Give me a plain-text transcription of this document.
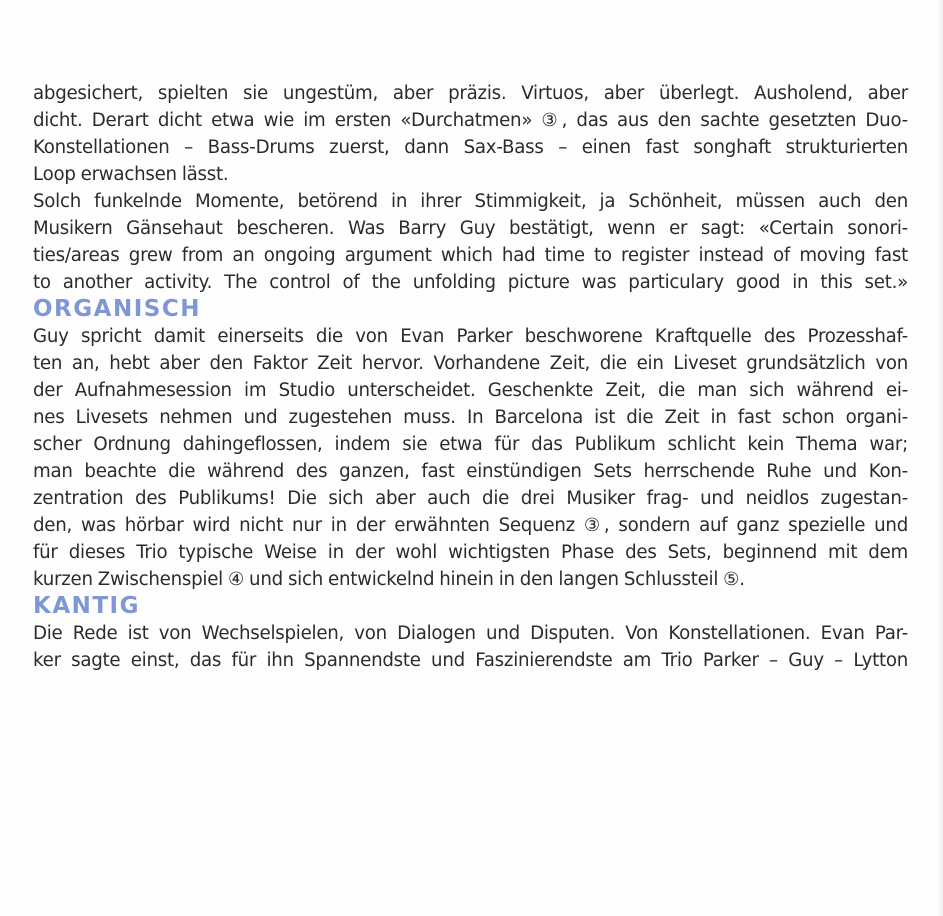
abgesichert, spielten sie ungestüm, aber präzis. Virtuos, aber überlegt. Ausholend, aber
dicht. Derart dicht etwa wie im ersten «Durchatmen» ③, das aus den sachte gesetzten Duo-
Konstellationen – Bass-Drums zuerst, dann Sax-Bass – einen fast songhaft strukturierten
Loop erwachsen lässt.
Solch funkelnde Momente, betörend in ihrer Stimmigkeit, ja Schönheit, müssen auch den
Musikern Gänsehaut bescheren. Was Barry Guy bestätigt, wenn er sagt: «Certain sonori-
ties/areas grew from an ongoing argument which had time to register instead of moving fast
to another activity. The control of the unfolding picture was particulary good in this set.»
ORGANISCH
Guy spricht damit einerseits die von Evan Parker beschworene Kraftquelle des Prozesshaf-
ten an, hebt aber den Faktor Zeit hervor. Vorhandene Zeit, die ein Liveset grundsätzlich von
der Aufnahmesession im Studio unterscheidet. Geschenkte Zeit, die man sich während ei-
nes Livesets nehmen und zugestehen muss. In Barcelona ist die Zeit in fast schon organi-
scher Ordnung dahingeflossen, indem sie etwa für das Publikum schlicht kein Thema war;
man beachte die während des ganzen, fast einstündigen Sets herrschende Ruhe und Kon-
zentration des Publikums! Die sich aber auch die drei Musiker frag- und neidlos zugestan-
den, was hörbar wird nicht nur in der erwähnten Sequenz ③, sondern auf ganz spezielle und
für dieses Trio typische Weise in der wohl wichtigsten Phase des Sets, beginnend mit dem
kurzen Zwischenspiel ④ und sich entwickelnd hinein in den langen Schlussteil ⑤.
KANTIG
Die Rede ist von Wechselspielen, von Dialogen und Disputen. Von Konstellationen. Evan Par-
ker sagte einst, das für ihn Spannendste und Faszinierendste am Trio Parker – Guy – Lytton
